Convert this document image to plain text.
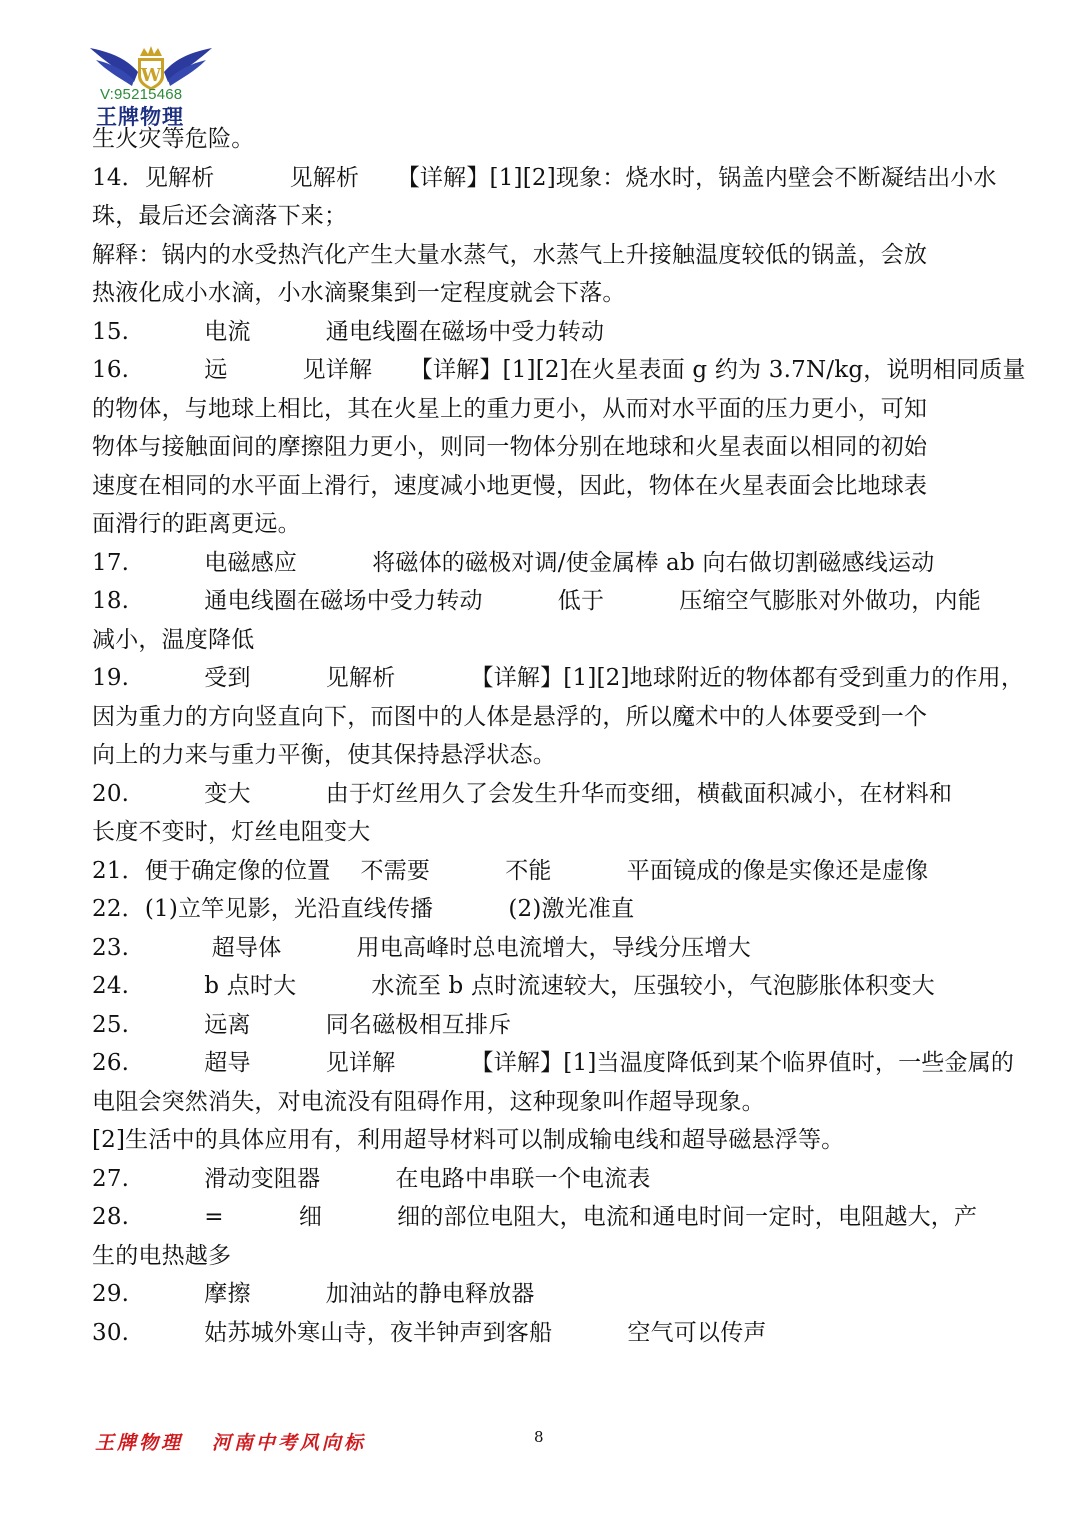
W
V:95215468
王牌物理
生火灾等危险。
14．见解析          见解析     【详解】[1][2]现象：烧水时，锅盖内壁会不断凝结出小水
珠，最后还会滴落下来；
解释：锅内的水受热汽化产生大量水蒸气，水蒸气上升接触温度较低的锅盖，会放
热液化成小水滴，小水滴聚集到一定程度就会下落。
15.          电流          通电线圈在磁场中受力转动
16.          远          见详解     【详解】[1][2]在火星表面 g 约为 3.7N/kg，说明相同质量
的物体，与地球上相比，其在火星上的重力更小，从而对水平面的压力更小，可知
物体与接触面间的摩擦阻力更小，则同一物体分别在地球和火星表面以相同的初始
速度在相同的水平面上滑行，速度减小地更慢，因此，物体在火星表面会比地球表
面滑行的距离更远。
17.          电磁感应          将磁体的磁极对调/使金属棒 ab 向右做切割磁感线运动
18.          通电线圈在磁场中受力转动          低于          压缩空气膨胀对外做功，内能
减小，温度降低
19.          受到          见解析          【详解】[1][2]地球附近的物体都有受到重力的作用，
因为重力的方向竖直向下，而图中的人体是悬浮的，所以魔术中的人体要受到一个
向上的力来与重力平衡，使其保持悬浮状态。
20.          变大          由于灯丝用久了会发生升华而变细，横截面积减小，在材料和
长度不变时，灯丝电阻变大
21．便于确定像的位置    不需要          不能          平面镜成的像是实像还是虚像
22．(1)立竿见影，光沿直线传播          (2)激光准直
23.           超导体          用电高峰时总电流增大，导线分压增大
24.          b 点时大          水流至 b 点时流速较大，压强较小，气泡膨胀体积变大
25.          远离          同名磁极相互排斥
26.          超导          见详解          【详解】[1]当温度降低到某个临界值时，一些金属的
电阻会突然消失，对电流没有阻碍作用，这种现象叫作超导现象。
[2]生活中的具体应用有，利用超导材料可以制成输电线和超导磁悬浮等。
27.          滑动变阻器          在电路中串联一个电流表
28.          =          细          细的部位电阻大，电流和通电时间一定时，电阻越大，产
生的电热越多
29.          摩擦          加油站的静电释放器
30.          姑苏城外寒山寺，夜半钟声到客船          空气可以传声
王牌物理   河南中考风向标	8
